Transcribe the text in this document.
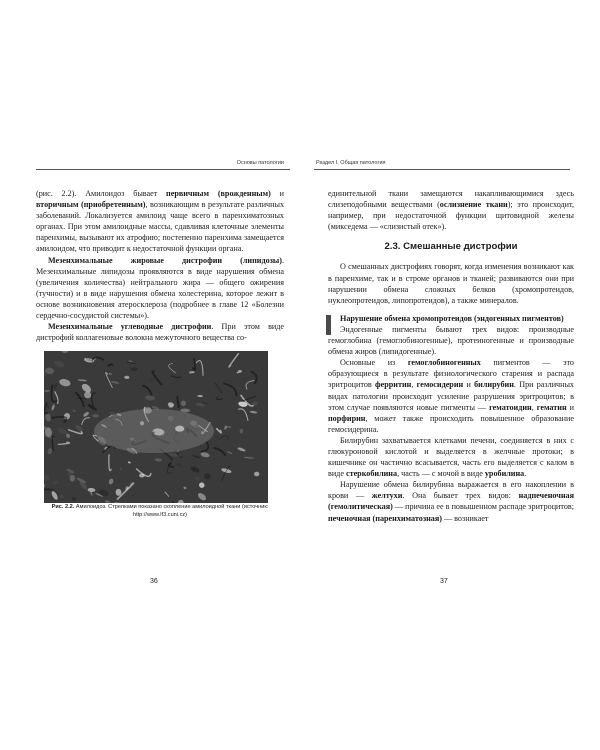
Основы патологии

(рис. 2.2). Амилоидоз бывает первичным (врожденным) и вторичным (приобретенным), возникающим в результате различных заболеваний. Локализуется амилоид чаще всего в паренхиматозных органах. При этом амилоидные массы, сдавливая клеточные элементы паренхимы, вызывают их атрофию; постепенно паренхима замещается амилоидом, что приводит к недостаточной функции органа.

Мезенхимальные жировые дистрофии (липидозы). Мезенхимальные липидозы проявляются в виде нарушения обмена (увеличения количества) нейтрального жира — общего ожирения (тучности) и в виде нарушения обмена холестерина, которое лежит в основе возникновения атеросклероза (подробнее в главе 12 «Болезни сердечно-сосудистой системы»).

Мезенхимальные углеводные дистрофии. При этом виде дистрофий коллагеновые волокна межуточного вещества со-

Рис. 2.2. Амилоидоз. Стрелками показано скопление амилоидной ткани (источник: http://www.lf3.cuni.cz)

36
Раздел I. Общая патология

единительной ткани замещаются накапливающимися здесь слизеподобными веществами (ослизнение ткани); это происходит, например, при недостаточной функции щитовидной железы (микседема — «слизистый отек»).

2.3. Смешанные дистрофии

О смешанных дистрофиях говорят, когда изменения возникают как в паренхиме, так и в строме органов и тканей; развиваются они при нарушении обмена сложных белков (хромопротеидов, нуклеопротеидов, липопротеидов), а также минералов.

Нарушение обмена хромопротеидов (эндогенных пигментов)

Эндогенные пигменты бывают трех видов: производные гемоглобина (гемоглобиногенные), протеиногенные и производные обмена жиров (липидогенные).

Основные из гемоглобиногенных пигментов — это образующиеся в результате физиологического старения и распада эритроцитов ферритин, гемосидерин и билирубин. При различных видах патологии происходит усиление разрушения эритроцитов; в этом случае появляются новые пигменты — гематоидин, гематин и порфирин, может также происходить повышенное образование гемосидерина.

Билирубин захватывается клетками печени, соединяется в них с глюкуроновой кислотой и выделяется в желчные протоки; в кишечнике он частично всасывается, часть его выделяется с калом в виде стеркобилина, часть — с мочой в виде уробилина.

Нарушение обмена билирубина выражается в его накоплении в крови — желтухи. Она бывает трех видов: надпеченочная (гемолитическая) — причина ее в повышенном распаде эритроцитов; печеночная (паренхиматозная) — возникает

37
